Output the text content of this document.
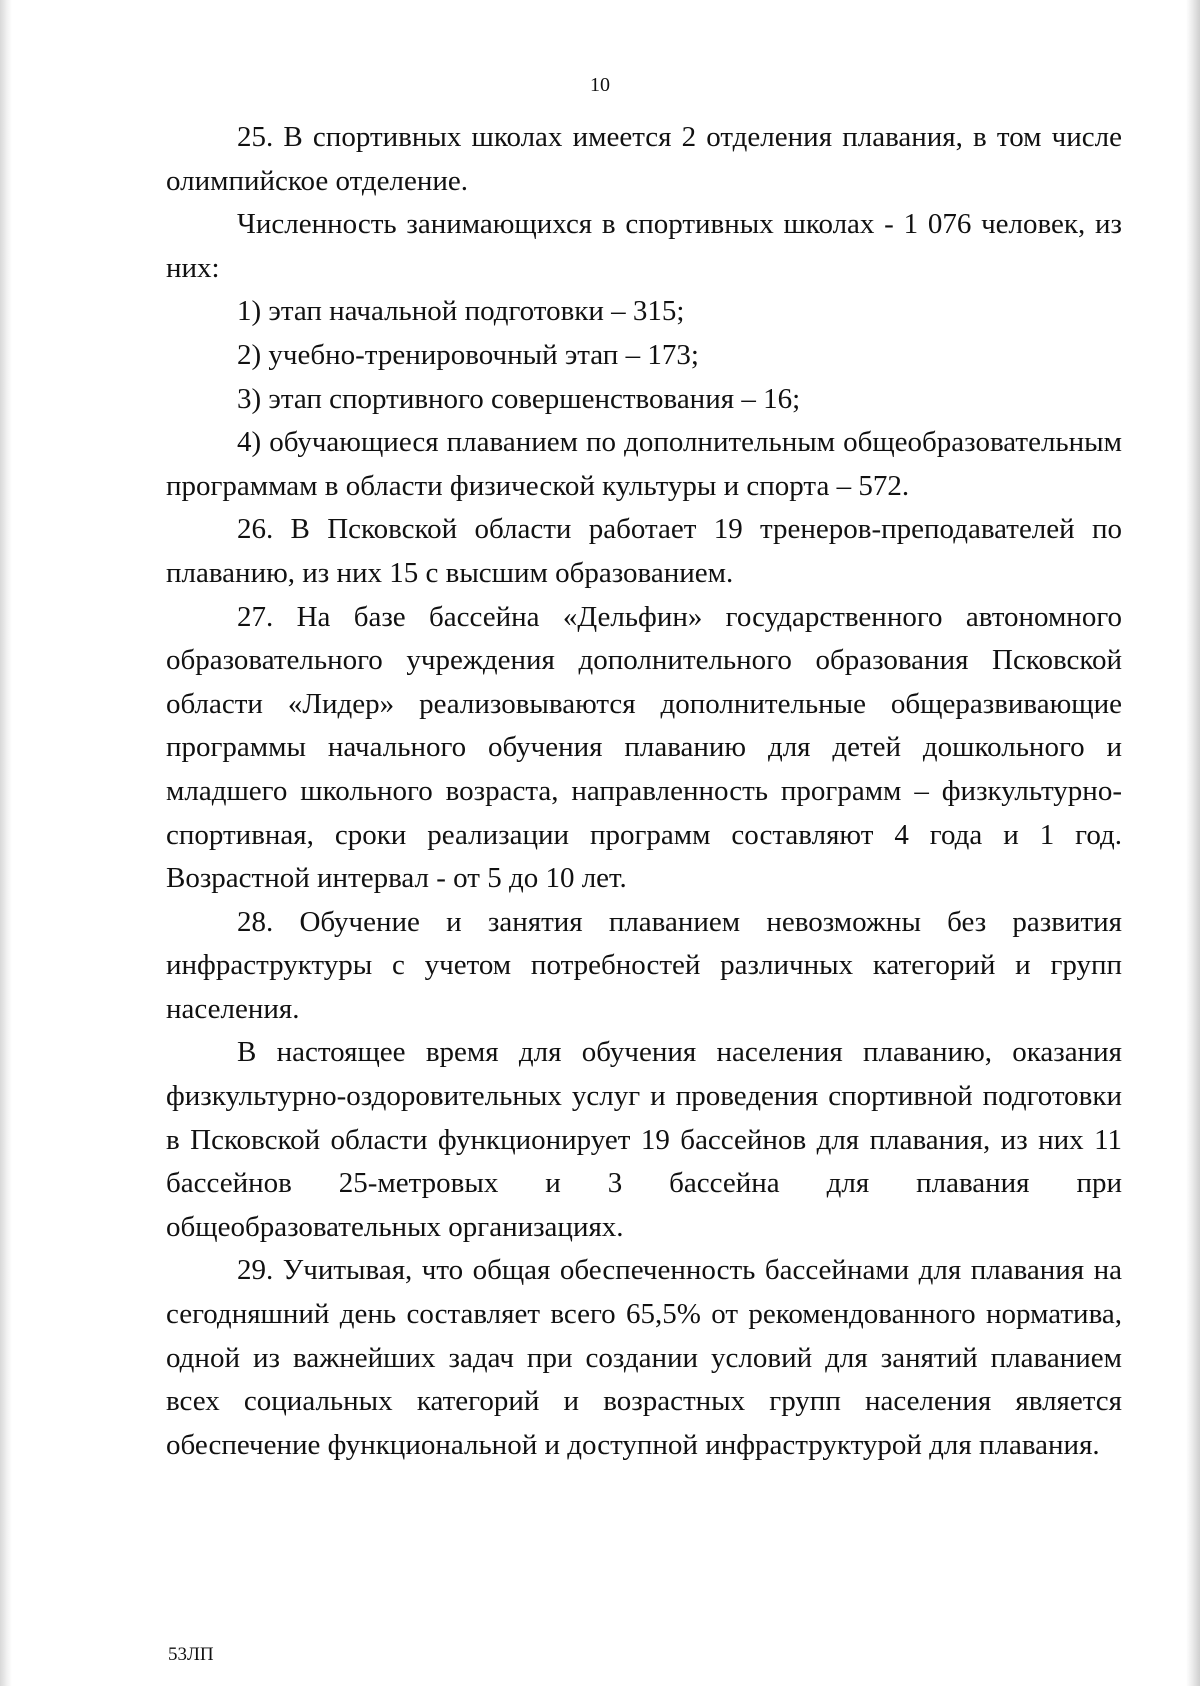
10

25. В спортивных школах имеется 2 отделения плавания, в том числе олимпийское отделение.

Численность занимающихся в спортивных школах - 1 076 человек, из них:

1) этап начальной подготовки – 315;

2) учебно-тренировочный этап – 173;

3) этап спортивного совершенствования – 16;

4) обучающиеся плаванием по дополнительным общеобразовательным программам в области физической культуры и спорта – 572.

26. В Псковской области работает 19 тренеров-преподавателей по плаванию, из них 15 с высшим образованием.

27. На базе бассейна «Дельфин» государственного автономного образовательного учреждения дополнительного образования Псковской области «Лидер» реализовываются дополнительные общеразвивающие программы начального обучения плаванию для детей дошкольного и младшего школьного возраста, направленность программ – физкультурно-спортивная, сроки реализации программ составляют 4 года и 1 год. Возрастной интервал - от 5 до 10 лет.

28. Обучение и занятия плаванием невозможны без развития инфраструктуры с учетом потребностей различных категорий и групп населения.

В настоящее время для обучения населения плаванию, оказания физкультурно-оздоровительных услуг и проведения спортивной подготовки в Псковской области функционирует 19 бассейнов для плавания, из них 11 бассейнов 25-метровых и 3 бассейна для плавания при общеобразовательных организациях.

29. Учитывая, что общая обеспеченность бассейнами для плавания на сегодняшний день составляет всего 65,5% от рекомендованного норматива, одной из важнейших задач при создании условий для занятий плаванием всех социальных категорий и возрастных групп населения является обеспечение функциональной и доступной инфраструктурой для плавания.

53ЛП
